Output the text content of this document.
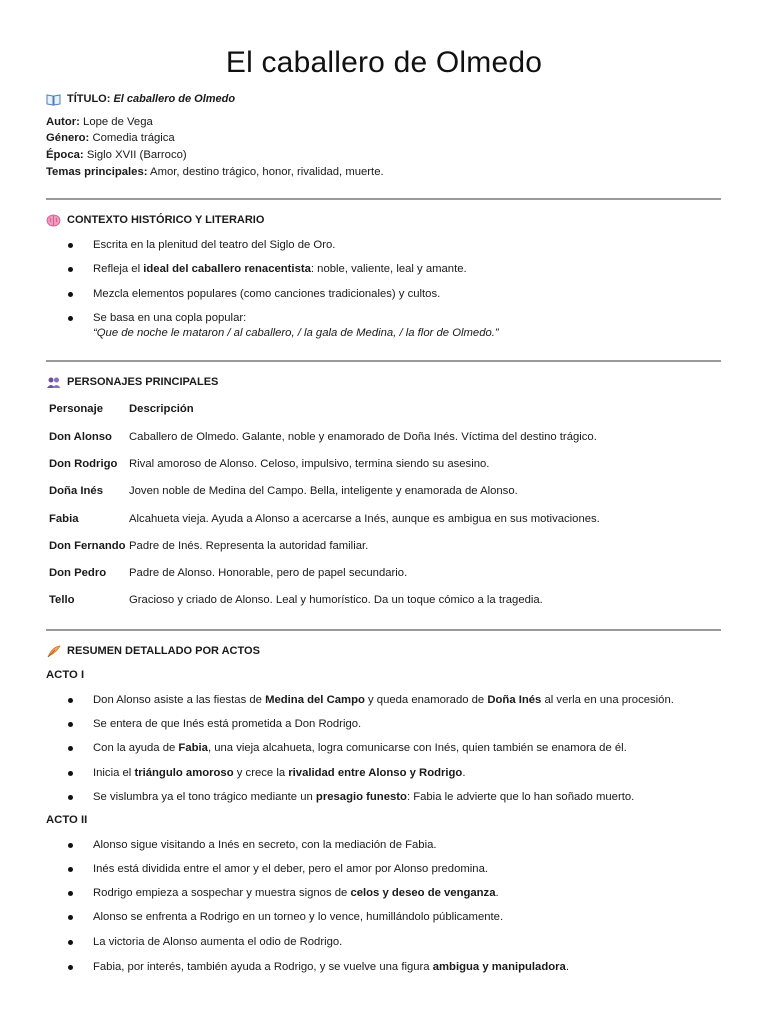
El caballero de Olmedo
TÍTULO:
El caballero de Olmedo
Autor: Lope de Vega
Género: Comedia trágica
Época: Siglo XVII (Barroco)
Temas principales: Amor, destino trágico, honor, rivalidad, muerte.
CONTEXTO HISTÓRICO Y LITERARIO
Escrita en la plenitud del teatro del Siglo de Oro.
Refleja el ideal del caballero renacentista: noble, valiente, leal y amante.
Mezcla elementos populares (como canciones tradicionales) y cultos.
Se basa en una copla popular:
“Que de noche le mataron / al caballero, / la gala de Medina, / la flor de Olmedo.”
PERSONAJES PRINCIPALES
Personaje Descripción
Don Alonso Caballero de Olmedo. Galante, noble y enamorado de Doña Inés. Víctima del destino trágico.
Don Rodrigo Rival amoroso de Alonso. Celoso, impulsivo, termina siendo su asesino.
Doña Inés Joven noble de Medina del Campo. Bella, inteligente y enamorada de Alonso.
Fabia	Alcahueta vieja. Ayuda a Alonso a acercarse a Inés, aunque es ambigua en sus motivaciones.
Don Fernando Padre de Inés. Representa la autoridad familiar.
Don Pedro Padre de Alonso. Honorable, pero de papel secundario.
Tello	Gracioso y criado de Alonso. Leal y humorístico. Da un toque cómico a la tragedia.
RESUMEN DETALLADO POR ACTOS
ACTO I
Don Alonso asiste a las fiestas de Medina del Campo y queda enamorado de Doña Inés al verla en una procesión.
Se entera de que Inés está prometida a Don Rodrigo.
Con la ayuda de Fabia, una vieja alcahueta, logra comunicarse con Inés, quien también se enamora de él.
Inicia el triángulo amoroso y crece la rivalidad entre Alonso y Rodrigo.
Se vislumbra ya el tono trágico mediante un presagio funesto: Fabia le advierte que lo han soñado muerto.
ACTO II
Alonso sigue visitando a Inés en secreto, con la mediación de Fabia.
Inés está dividida entre el amor y el deber, pero el amor por Alonso predomina.
Rodrigo empieza a sospechar y muestra signos de celos y deseo de venganza.
Alonso se enfrenta a Rodrigo en un torneo y lo vence, humillándolo públicamente.
La victoria de Alonso aumenta el odio de Rodrigo.
Fabia, por interés, también ayuda a Rodrigo, y se vuelve una figura ambigua y manipuladora.
